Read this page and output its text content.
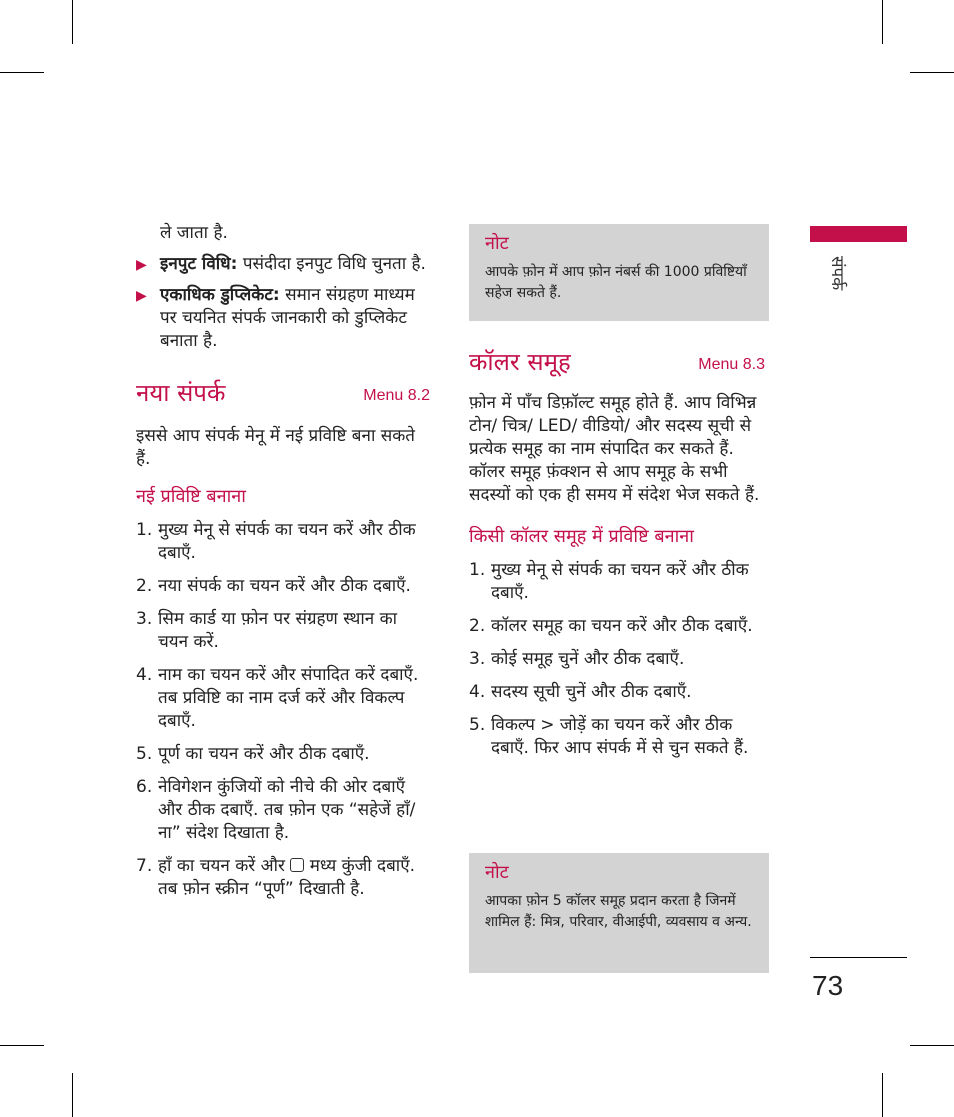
संपर्क
73

ले जाता है.

▶ इनपुट विधि: पसंदीदा इनपुट विधि चुनता है.
▶ एकाधिक डुप्लिकेट: समान संग्रहण माध्यम पर चयनित संपर्क जानकारी को डुप्लिकेट बनाता है.
नया संपर्क	Menu 8.2

इससे आप संपर्क मेनू में नई प्रविष्टि बना सकते हैं.

नई प्रविष्टि बनाना
1. मुख्य मेनू से संपर्क का चयन करें और ठीक दबाएँ.
2. नया संपर्क का चयन करें और ठीक दबाएँ.
3. सिम कार्ड या फ़ोन पर संग्रहण स्थान का चयन करें.
4. नाम का चयन करें और संपादित करें दबाएँ. तब प्रविष्टि का नाम दर्ज करें और विकल्प दबाएँ.
5. पूर्ण का चयन करें और ठीक दबाएँ.
6. नेविगेशन कुंजियों को नीचे की ओर दबाएँ और ठीक दबाएँ. तब फ़ोन एक “सहेजें हाँ/ ना” संदेश दिखाता है.
7. हाँ का चयन करें और  मध्य कुंजी दबाएँ. तब फ़ोन स्क्रीन “पूर्ण” दिखाती है.
नोट
आपके फ़ोन में आप फ़ोन नंबर्स की 1000 प्रविष्टियाँ सहेज सकते हैं.
कॉलर समूह	Menu 8.3

फ़ोन में पाँच डिफ़ॉल्ट समूह होते हैं. आप विभिन्न टोन/ चित्र/ LED/ वीडियो/ और सदस्य सूची से प्रत्येक समूह का नाम संपादित कर सकते हैं. कॉलर समूह फ़ंक्शन से आप समूह के सभी सदस्यों को एक ही समय में संदेश भेज सकते हैं.

किसी कॉलर समूह में प्रविष्टि बनाना
1. मुख्य मेनू से संपर्क का चयन करें और ठीक दबाएँ.
2. कॉलर समूह का चयन करें और ठीक दबाएँ.
3. कोई समूह चुनें और ठीक दबाएँ.
4. सदस्य सूची चुनें और ठीक दबाएँ.
5. विकल्प > जोड़ें का चयन करें और ठीक दबाएँ. फिर आप संपर्क में से चुन सकते हैं.
नोट
आपका फ़ोन 5 कॉलर समूह प्रदान करता है जिनमें शामिल हैं: मित्र, परिवार, वीआईपी, व्यवसाय व अन्य.
